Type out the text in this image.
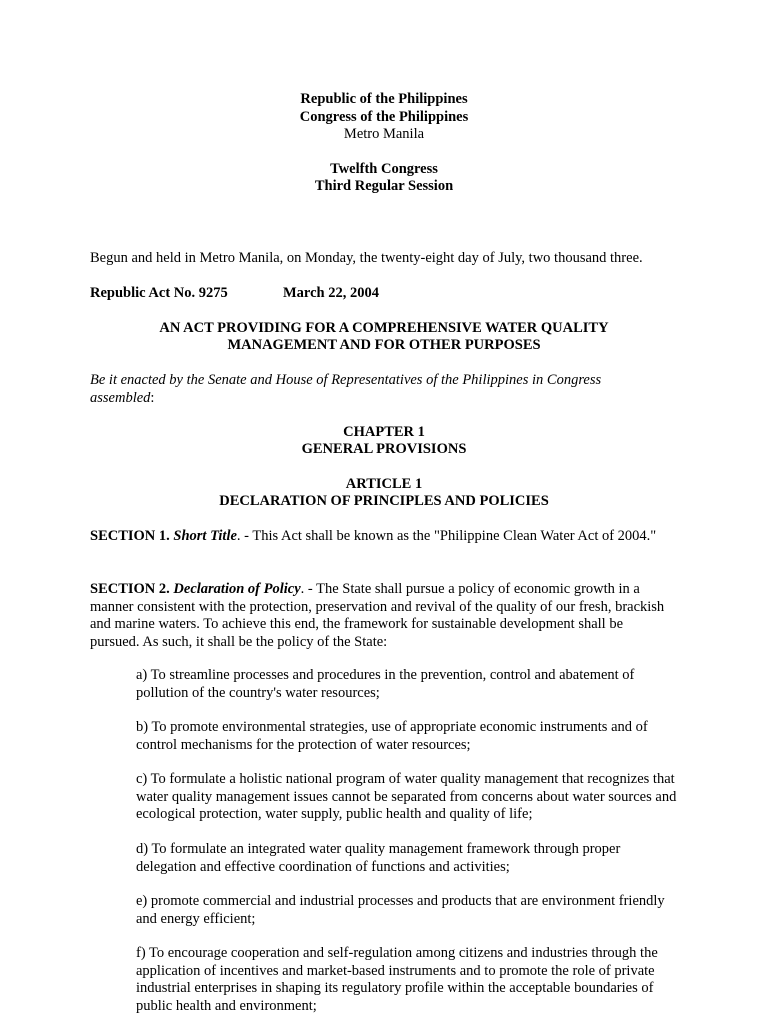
Republic of the Philippines
Congress of the Philippines
Metro Manila
Twelfth Congress
Third Regular Session
Begun and held in Metro Manila, on Monday, the twenty-eight day of July, two thousand three.
Republic Act No. 9275	March 22, 2004
AN ACT PROVIDING FOR A COMPREHENSIVE WATER QUALITY
MANAGEMENT AND FOR OTHER PURPOSES
Be it enacted by the Senate and House of Representatives of the Philippines in Congress assembled:
CHAPTER 1
GENERAL PROVISIONS
ARTICLE 1
DECLARATION OF PRINCIPLES AND POLICIES
SECTION 1. Short Title. - This Act shall be known as the "Philippine Clean Water Act of 2004."
SECTION 2. Declaration of Policy. - The State shall pursue a policy of economic growth in a manner consistent with the protection, preservation and revival of the quality of our fresh, brackish and marine waters. To achieve this end, the framework for sustainable development shall be pursued. As such, it shall be the policy of the State:
a) To streamline processes and procedures in the prevention, control and abatement of pollution of the country's water resources;
b) To promote environmental strategies, use of appropriate economic instruments and of control mechanisms for the protection of water resources;
c) To formulate a holistic national program of water quality management that recognizes that water quality management issues cannot be separated from concerns about water sources and ecological protection, water supply, public health and quality of life;
d) To formulate an integrated water quality management framework through proper delegation and effective coordination of functions and activities;
e) promote commercial and industrial processes and products that are environment friendly and energy efficient;
f) To encourage cooperation and self-regulation among citizens and industries through the application of incentives and market-based instruments and to promote the role of private industrial enterprises in shaping its regulatory profile within the acceptable boundaries of public health and environment;
